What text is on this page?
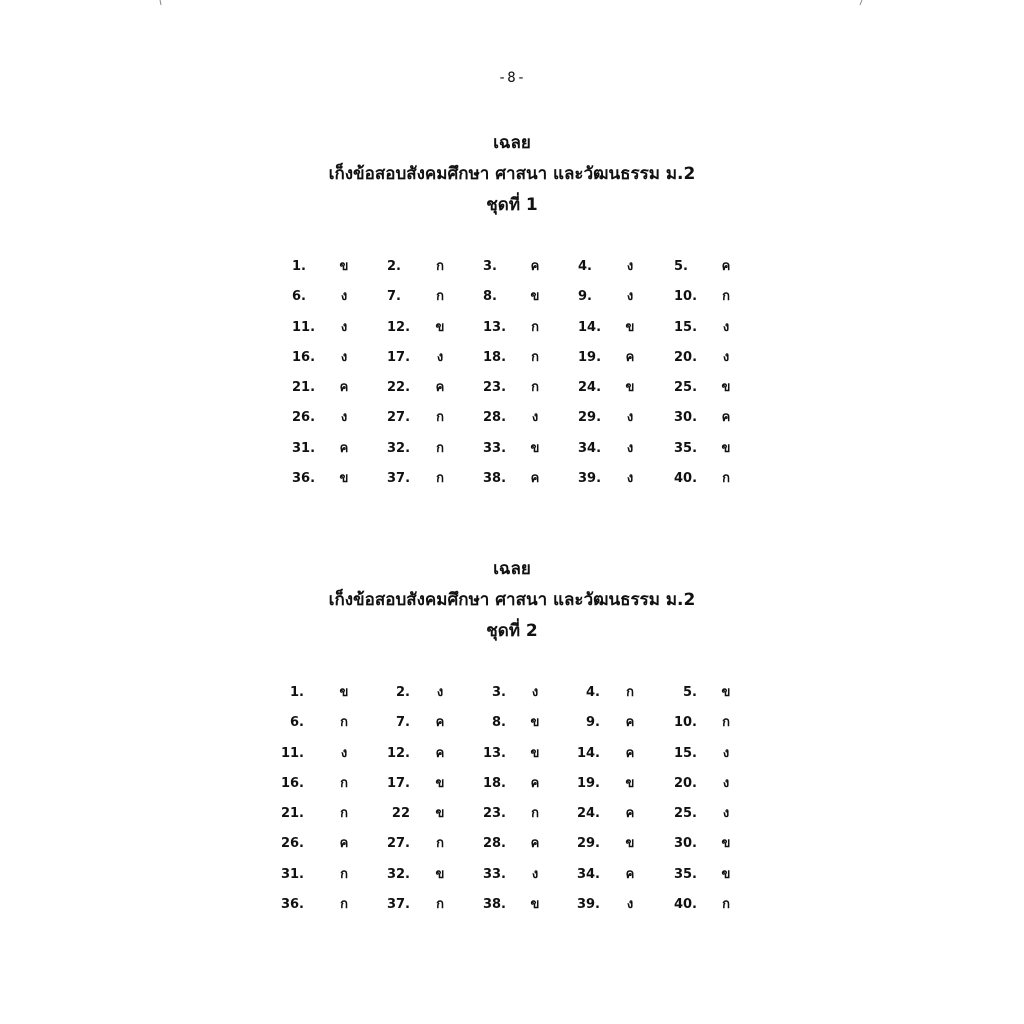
-8-

เฉลย

เก็งข้อสอบสังคมศึกษา ศาสนา และวัฒนธรรม ม.2

ชุดที่ 1

1.	ข	2.	ก	3.	ค	4.	ง	5.	ค
6.	ง	7.	ก	8.	ข	9.	ง	10.	ก
11.	ง	12.	ข	13.	ก	14.	ข	15.	ง
16.	ง	17.	ง	18.	ก	19.	ค	20.	ง
21.	ค	22.	ค	23.	ก	24.	ข	25.	ข
26.	ง	27.	ก	28.	ง	29.	ง	30.	ค
31.	ค	32.	ก	33.	ข	34.	ง	35.	ข
36.	ข	37.	ก	38.	ค	39.	ง	40.	ก

เฉลย

เก็งข้อสอบสังคมศึกษา ศาสนา และวัฒนธรรม ม.2

ชุดที่ 2

1.	ข	2.	ง	3.	ง	4.	ก	5.	ข
6.	ก	7.	ค	8.	ข	9.	ค	10.	ก
11.	ง	12.	ค	13.	ข	14.	ค	15.	ง
16.	ก	17.	ข	18.	ค	19.	ข	20.	ง
21.	ก	22	ข	23.	ก	24.	ค	25.	ง
26.	ค	27.	ก	28.	ค	29.	ข	30.	ข
31.	ก	32.	ข	33.	ง	34.	ค	35.	ข
36.	ก	37.	ก	38.	ข	39.	ง	40.	ก
